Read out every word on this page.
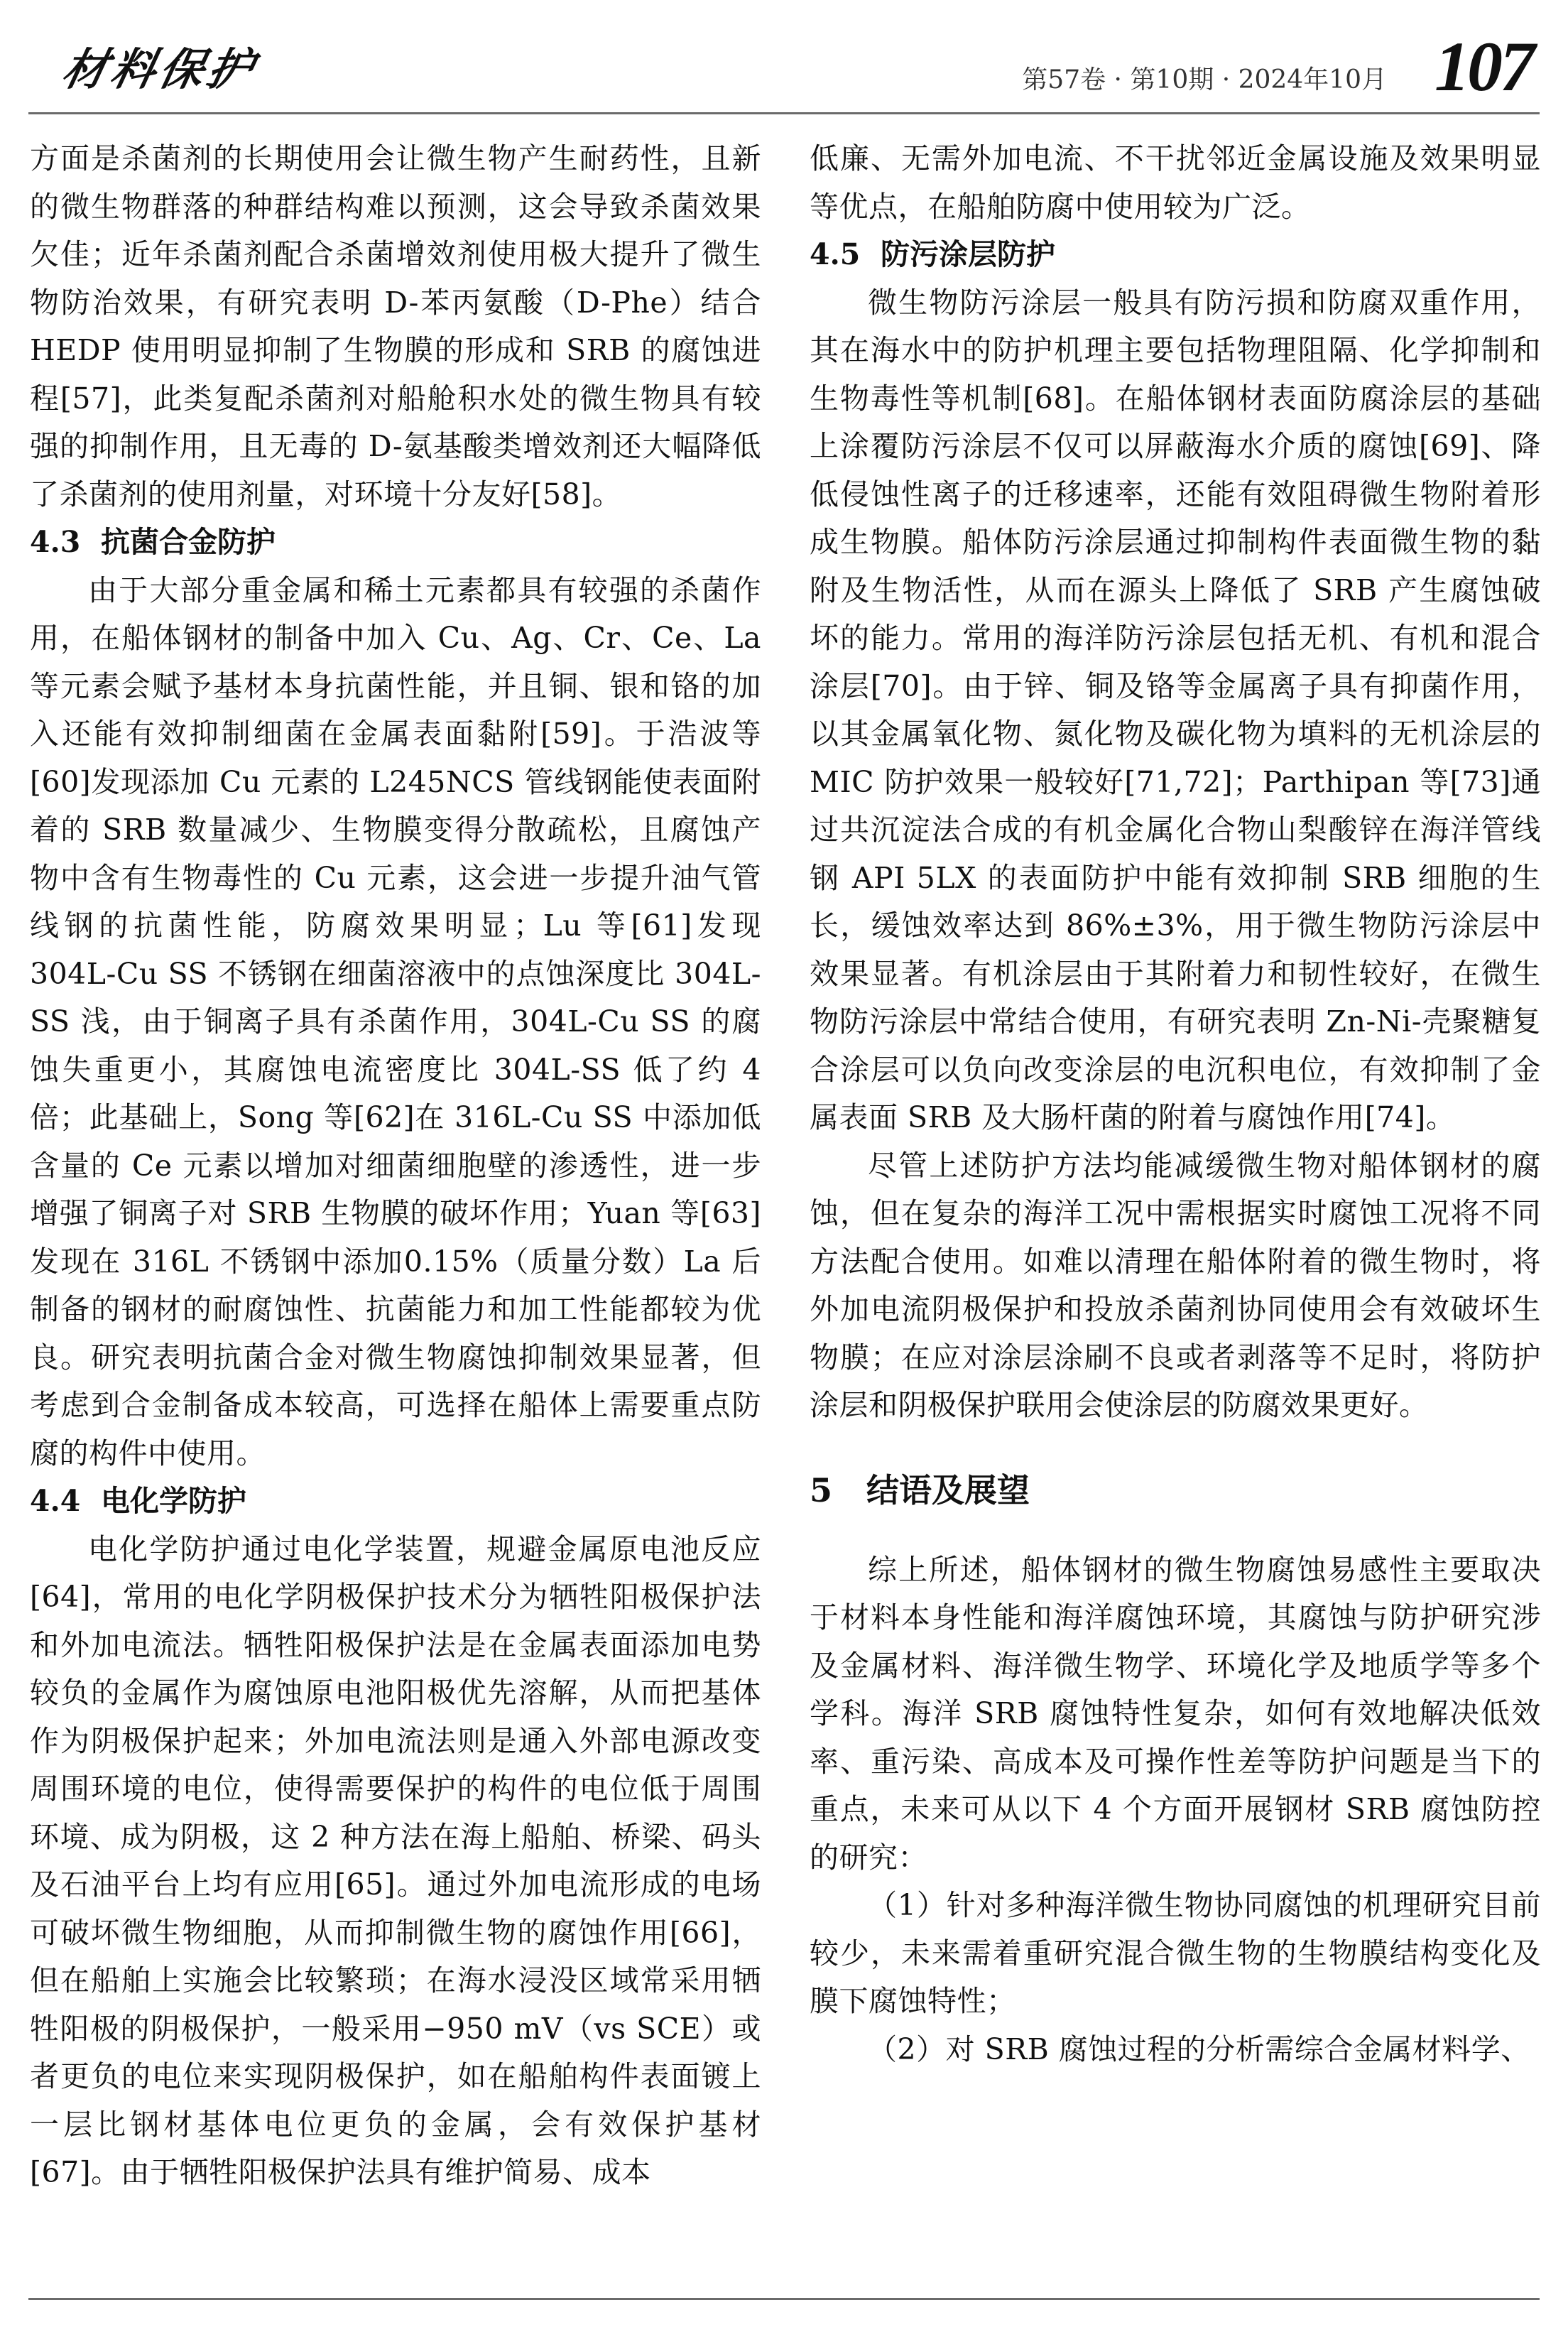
材料保护	第57卷 · 第10期 · 2024年10月 107

方面是杀菌剂的长期使用会让微生物产生耐药性，且新的微生物群落的种群结构难以预测，这会导致杀菌效果欠佳；近年杀菌剂配合杀菌增效剂使用极大提升了微生物防治效果，有研究表明 D-苯丙氨酸（D-Phe）结合 HEDP 使用明显抑制了生物膜的形成和 SRB 的腐蚀进程[57]，此类复配杀菌剂对船舱积水处的微生物具有较强的抑制作用，且无毒的 D-氨基酸类增效剂还大幅降低了杀菌剂的使用剂量，对环境十分友好[58]。

4.3 抗菌合金防护

由于大部分重金属和稀土元素都具有较强的杀菌作用，在船体钢材的制备中加入 Cu、Ag、Cr、Ce、La 等元素会赋予基材本身抗菌性能，并且铜、银和铬的加入还能有效抑制细菌在金属表面黏附[59]。于浩波等[60]发现添加 Cu 元素的 L245NCS 管线钢能使表面附着的 SRB 数量减少、生物膜变得分散疏松，且腐蚀产物中含有生物毒性的 Cu 元素，这会进一步提升油气管线钢的抗菌性能，防腐效果明显；Lu 等[61]发现 304L-Cu SS 不锈钢在细菌溶液中的点蚀深度比 304L-SS 浅，由于铜离子具有杀菌作用，304L-Cu SS 的腐蚀失重更小，其腐蚀电流密度比 304L-SS 低了约 4 倍；此基础上，Song 等[62]在 316L-Cu SS 中添加低含量的 Ce 元素以增加对细菌细胞壁的渗透性，进一步增强了铜离子对 SRB 生物膜的破坏作用；Yuan 等[63]发现在 316L 不锈钢中添加0.15%（质量分数）La 后制备的钢材的耐腐蚀性、抗菌能力和加工性能都较为优良。研究表明抗菌合金对微生物腐蚀抑制效果显著，但考虑到合金制备成本较高，可选择在船体上需要重点防腐的构件中使用。

4.4 电化学防护

电化学防护通过电化学装置，规避金属原电池反应[64]，常用的电化学阴极保护技术分为牺牲阳极保护法和外加电流法。牺牲阳极保护法是在金属表面添加电势较负的金属作为腐蚀原电池阳极优先溶解，从而把基体作为阴极保护起来；外加电流法则是通入外部电源改变周围环境的电位，使得需要保护的构件的电位低于周围环境、成为阴极，这 2 种方法在海上船舶、桥梁、码头及石油平台上均有应用[65]。通过外加电流形成的电场可破坏微生物细胞，从而抑制微生物的腐蚀作用[66]，但在船舶上实施会比较繁琐；在海水浸没区域常采用牺牲阳极的阴极保护，一般采用−950 mV（vs SCE）或者更负的电位来实现阴极保护，如在船舶构件表面镀上一层比钢材基体电位更负的金属，会有效保护基材[67]。由于牺牲阳极保护法具有维护简易、成本

低廉、无需外加电流、不干扰邻近金属设施及效果明显等优点，在船舶防腐中使用较为广泛。

4.5 防污涂层防护

微生物防污涂层一般具有防污损和防腐双重作用，其在海水中的防护机理主要包括物理阻隔、化学抑制和生物毒性等机制[68]。在船体钢材表面防腐涂层的基础上涂覆防污涂层不仅可以屏蔽海水介质的腐蚀[69]、降低侵蚀性离子的迁移速率，还能有效阻碍微生物附着形成生物膜。船体防污涂层通过抑制构件表面微生物的黏附及生物活性，从而在源头上降低了 SRB 产生腐蚀破坏的能力。常用的海洋防污涂层包括无机、有机和混合涂层[70]。由于锌、铜及铬等金属离子具有抑菌作用，以其金属氧化物、氮化物及碳化物为填料的无机涂层的 MIC 防护效果一般较好[71,72]；Parthipan 等[73]通过共沉淀法合成的有机金属化合物山梨酸锌在海洋管线钢 API 5LX 的表面防护中能有效抑制 SRB 细胞的生长，缓蚀效率达到 86%±3%，用于微生物防污涂层中效果显著。有机涂层由于其附着力和韧性较好，在微生物防污涂层中常结合使用，有研究表明 Zn-Ni-壳聚糖复合涂层可以负向改变涂层的电沉积电位，有效抑制了金属表面 SRB 及大肠杆菌的附着与腐蚀作用[74]。

尽管上述防护方法均能减缓微生物对船体钢材的腐蚀，但在复杂的海洋工况中需根据实时腐蚀工况将不同方法配合使用。如难以清理在船体附着的微生物时，将外加电流阴极保护和投放杀菌剂协同使用会有效破坏生物膜；在应对涂层涂刷不良或者剥落等不足时，将防护涂层和阴极保护联用会使涂层的防腐效果更好。

5 结语及展望

综上所述，船体钢材的微生物腐蚀易感性主要取决于材料本身性能和海洋腐蚀环境，其腐蚀与防护研究涉及金属材料、海洋微生物学、环境化学及地质学等多个学科。海洋 SRB 腐蚀特性复杂，如何有效地解决低效率、重污染、高成本及可操作性差等防护问题是当下的重点，未来可从以下 4 个方面开展钢材 SRB 腐蚀防控的研究：

（1）针对多种海洋微生物协同腐蚀的机理研究目前较少，未来需着重研究混合微生物的生物膜结构变化及膜下腐蚀特性；

（2）对 SRB 腐蚀过程的分析需综合金属材料学、
